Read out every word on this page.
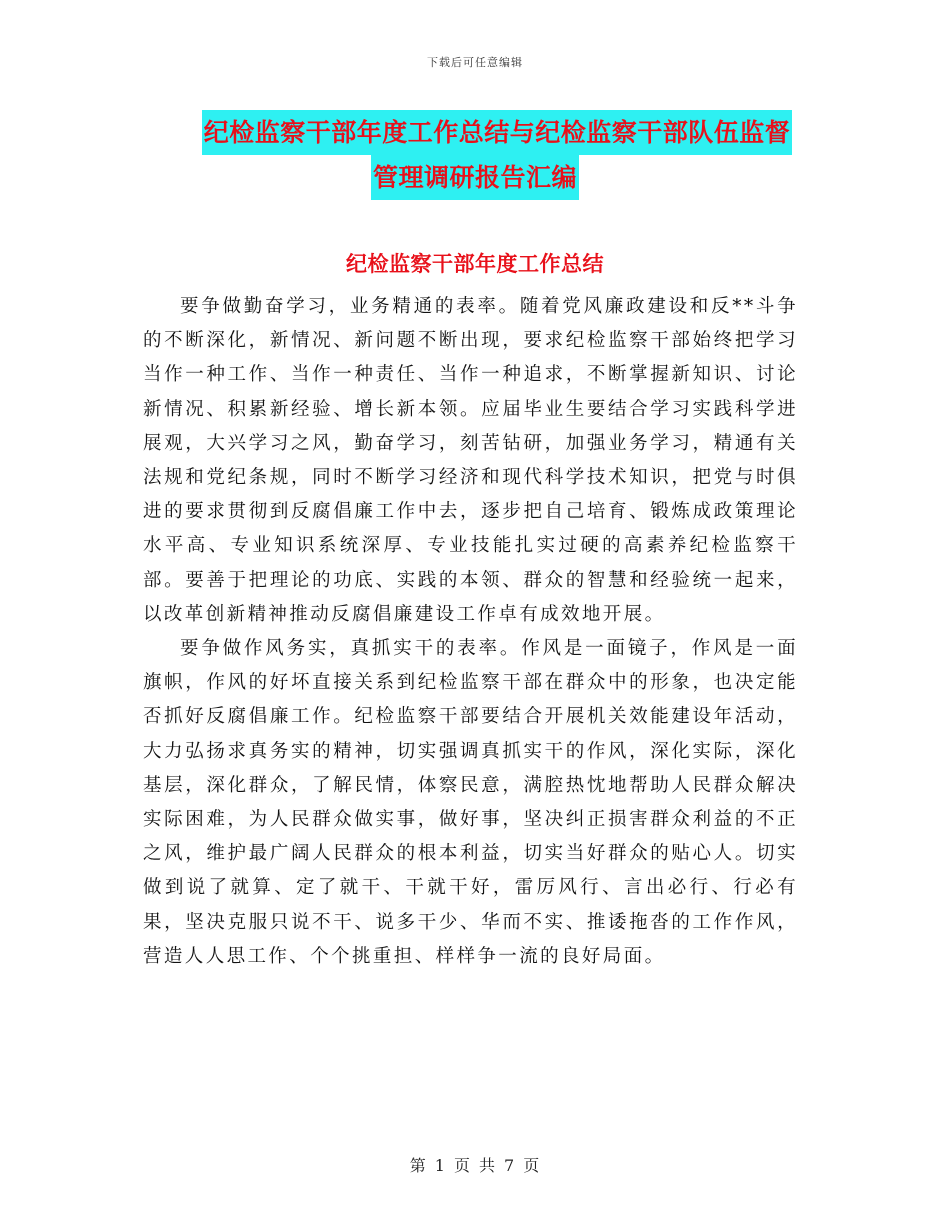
下载后可任意编辑
纪检监察干部年度工作总结与纪检监察干部队伍监督
管理调研报告汇编
纪检监察干部年度工作总结

要争做勤奋学习，业务精通的表率。随着党风廉政建设和反**斗争的不断深化，新情况、新问题不断出现，要求纪检监察干部始终把学习当作一种工作、当作一种责任、当作一种追求，不断掌握新知识、讨论新情况、积累新经验、增长新本领。应届毕业生要结合学习实践科学进展观，大兴学习之风，勤奋学习，刻苦钻研，加强业务学习，精通有关法规和党纪条规，同时不断学习经济和现代科学技术知识，把党与时俱进的要求贯彻到反腐倡廉工作中去，逐步把自己培育、锻炼成政策理论水平高、专业知识系统深厚、专业技能扎实过硬的高素养纪检监察干部。要善于把理论的功底、实践的本领、群众的智慧和经验统一起来，以改革创新精神推动反腐倡廉建设工作卓有成效地开展。

要争做作风务实，真抓实干的表率。作风是一面镜子，作风是一面旗帜，作风的好坏直接关系到纪检监察干部在群众中的形象，也决定能否抓好反腐倡廉工作。纪检监察干部要结合开展机关效能建设年活动，大力弘扬求真务实的精神，切实强调真抓实干的作风，深化实际，深化基层，深化群众，了解民情，体察民意，满腔热忱地帮助人民群众解决实际困难，为人民群众做实事，做好事，坚决纠正损害群众利益的不正之风，维护最广阔人民群众的根本利益，切实当好群众的贴心人。切实做到说了就算、定了就干、干就干好，雷厉风行、言出必行、行必有果，坚决克服只说不干、说多干少、华而不实、推诿拖沓的工作作风，营造人人思工作、个个挑重担、样样争一流的良好局面。

第 1 页 共 7 页
